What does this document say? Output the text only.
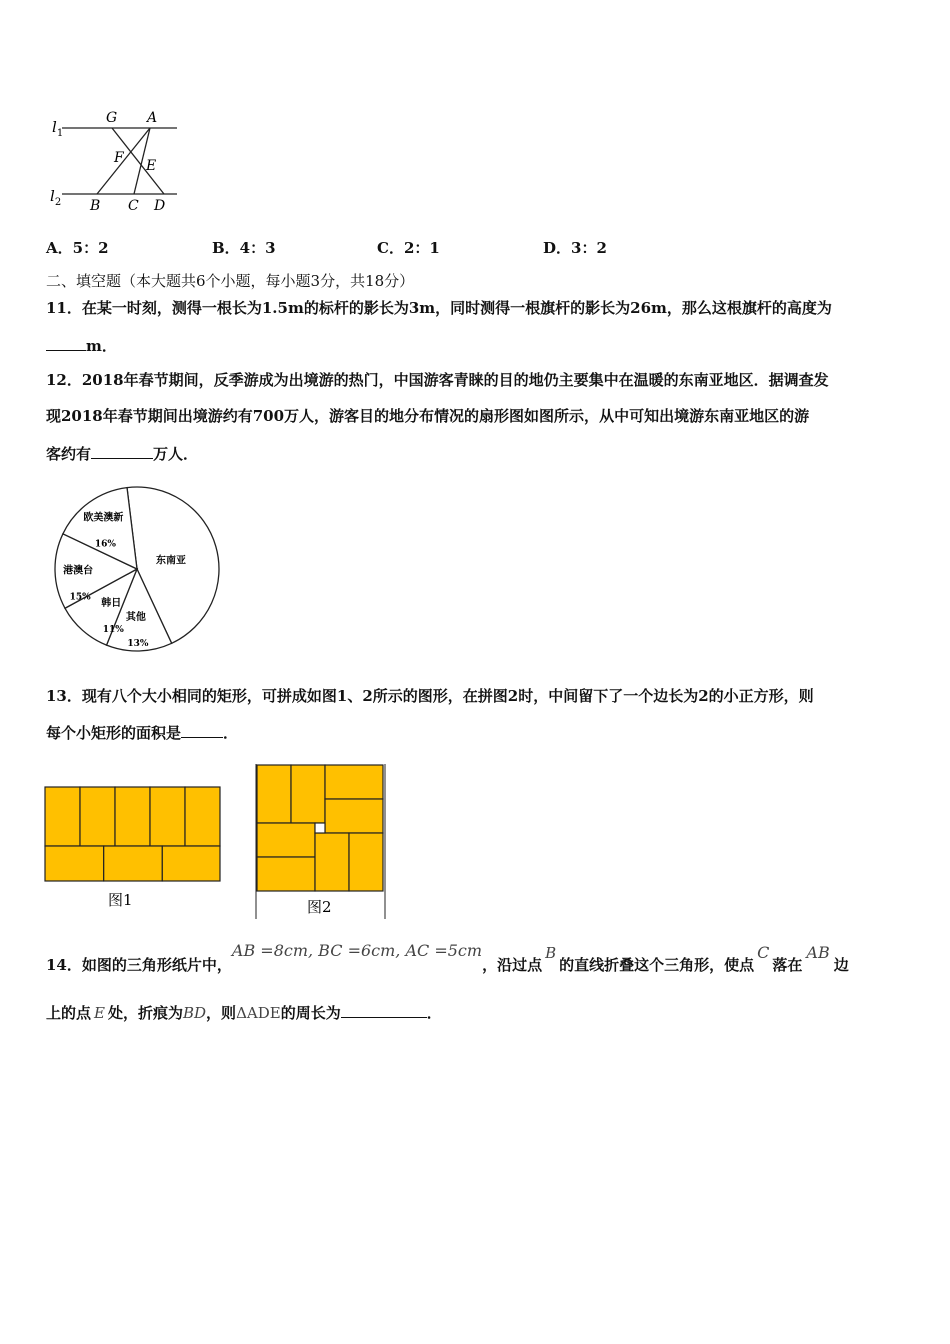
$l_1$
$l_2$
G A
F E
B C D
A．5：2	B．4：3	C．2：1	D．3：2
二、填空题（本大题共6个小题，每小题3分，共18分）
11．在某一时刻，测得一根长为1.5m的标杆的影长为3m，同时测得一根旗杆的影长为26m，那么这根旗杆的高度为
m．
12．2018年春节期间，反季游成为出境游的热门，中国游客青睐的目的地仍主要集中在温暖的东南亚地区．据调查发
现2018年春节期间出境游约有700万人，游客目的地分布情况的扇形图如图所示，从中可知出境游东南亚地区的游
客约有	万人．
东南亚
其他
13%
韩日
11%
港澳台
15%
欧美澳新
16%
13．现有八个大小相同的矩形，可拼成如图1、2所示的图形，在拼图2时，中间留下了一个边长为2的小正方形，则
每个小矩形的面积是	．
图1	图2
14．如图的三角形纸片中，AB =8cm, BC =6cm, AC =5cm，沿过点B的直线折叠这个三角形，使点C落在AB边
上的点 E 处，折痕为BD，则ΔADE的周长为	．
